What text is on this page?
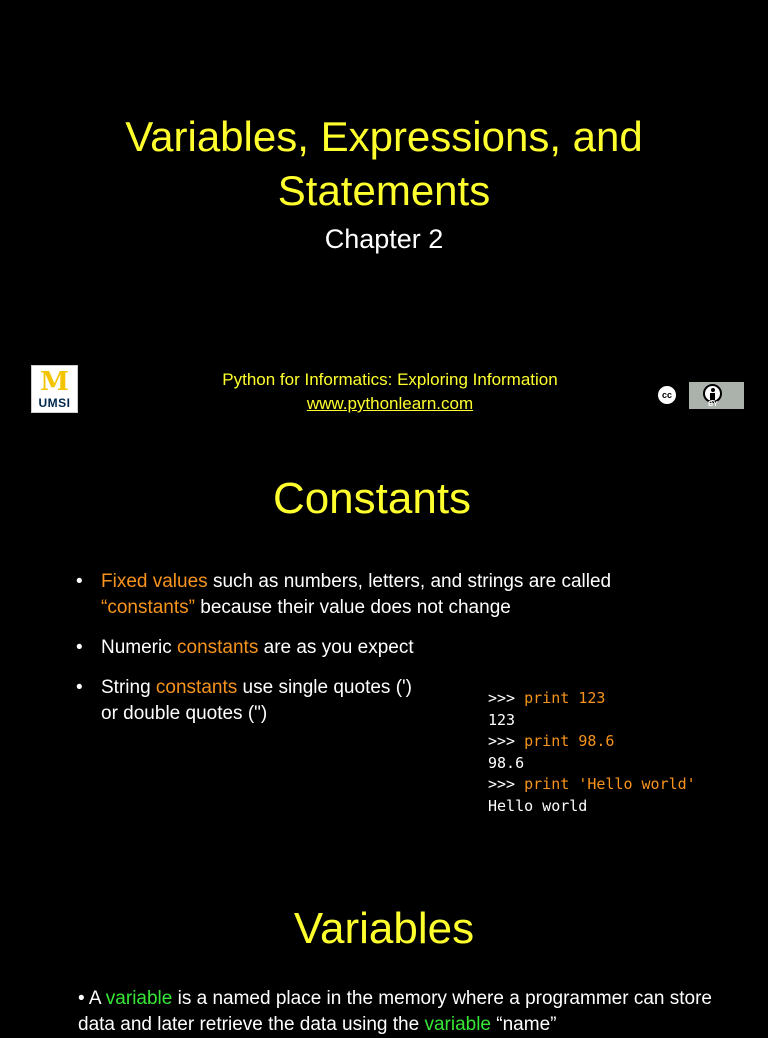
Variables, Expressions, and
Statements
Chapter 2
M
UMSI
Python for Informatics: Exploring Information
www.pythonlearn.com	cc
BY
Constants
• Fixed values such as numbers, letters, and strings are called “constants” because their value does not change
• Numeric constants are as you expect
• String constants use single quotes (')
or double quotes (")
>>> print 123
123
>>> print 98.6
98.6
>>> print 'Hello world'
Hello world
Variables
• A variable is a named place in the memory where a programmer can store data and later retrieve the data using the variable “name”
